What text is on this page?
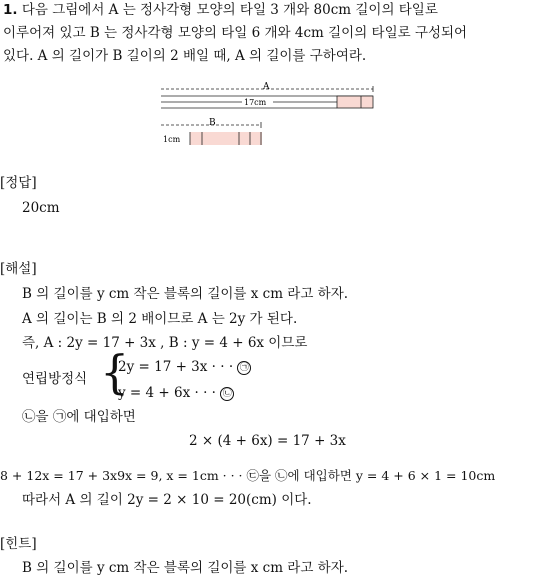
1. 다음 그림에서 A 는 정사각형 모양의 타일 3 개와 80cm 길이의 타일로
이루어져 있고 B 는 정사각형 모양의 타일 6 개와 4cm 길이의 타일로 구성되어
있다. A 의 길이가 B 길이의 2 배일 때, A 의 길이를 구하여라.
A
17cm
B
1cm
[정답]
20cm
[해설]
B 의 길이를 y cm 작은 블록의 길이를 x cm 라고 하자.
A 의 길이는 B 의 2 배이므로 A 는 2y 가 된다.
즉, A : 2y = 17 + 3x , B : y = 4 + 6x 이므로
연립방정식 {
2y = 17 + 3x · · · ㉠
y = 4 + 6x · · · ㉡
㉡을 ㉠에 대입하면
2 × (4 + 6x) = 17 + 3x
8 + 12x = 17 + 3x9x = 9, x = 1cm · · · ㉢을 ㉡에 대입하면 y = 4 + 6 × 1 = 10cm
따라서 A 의 길이 2y = 2 × 10 = 20(cm) 이다.
[힌트]
B 의 길이를 y cm 작은 블록의 길이를 x cm 라고 하자.
